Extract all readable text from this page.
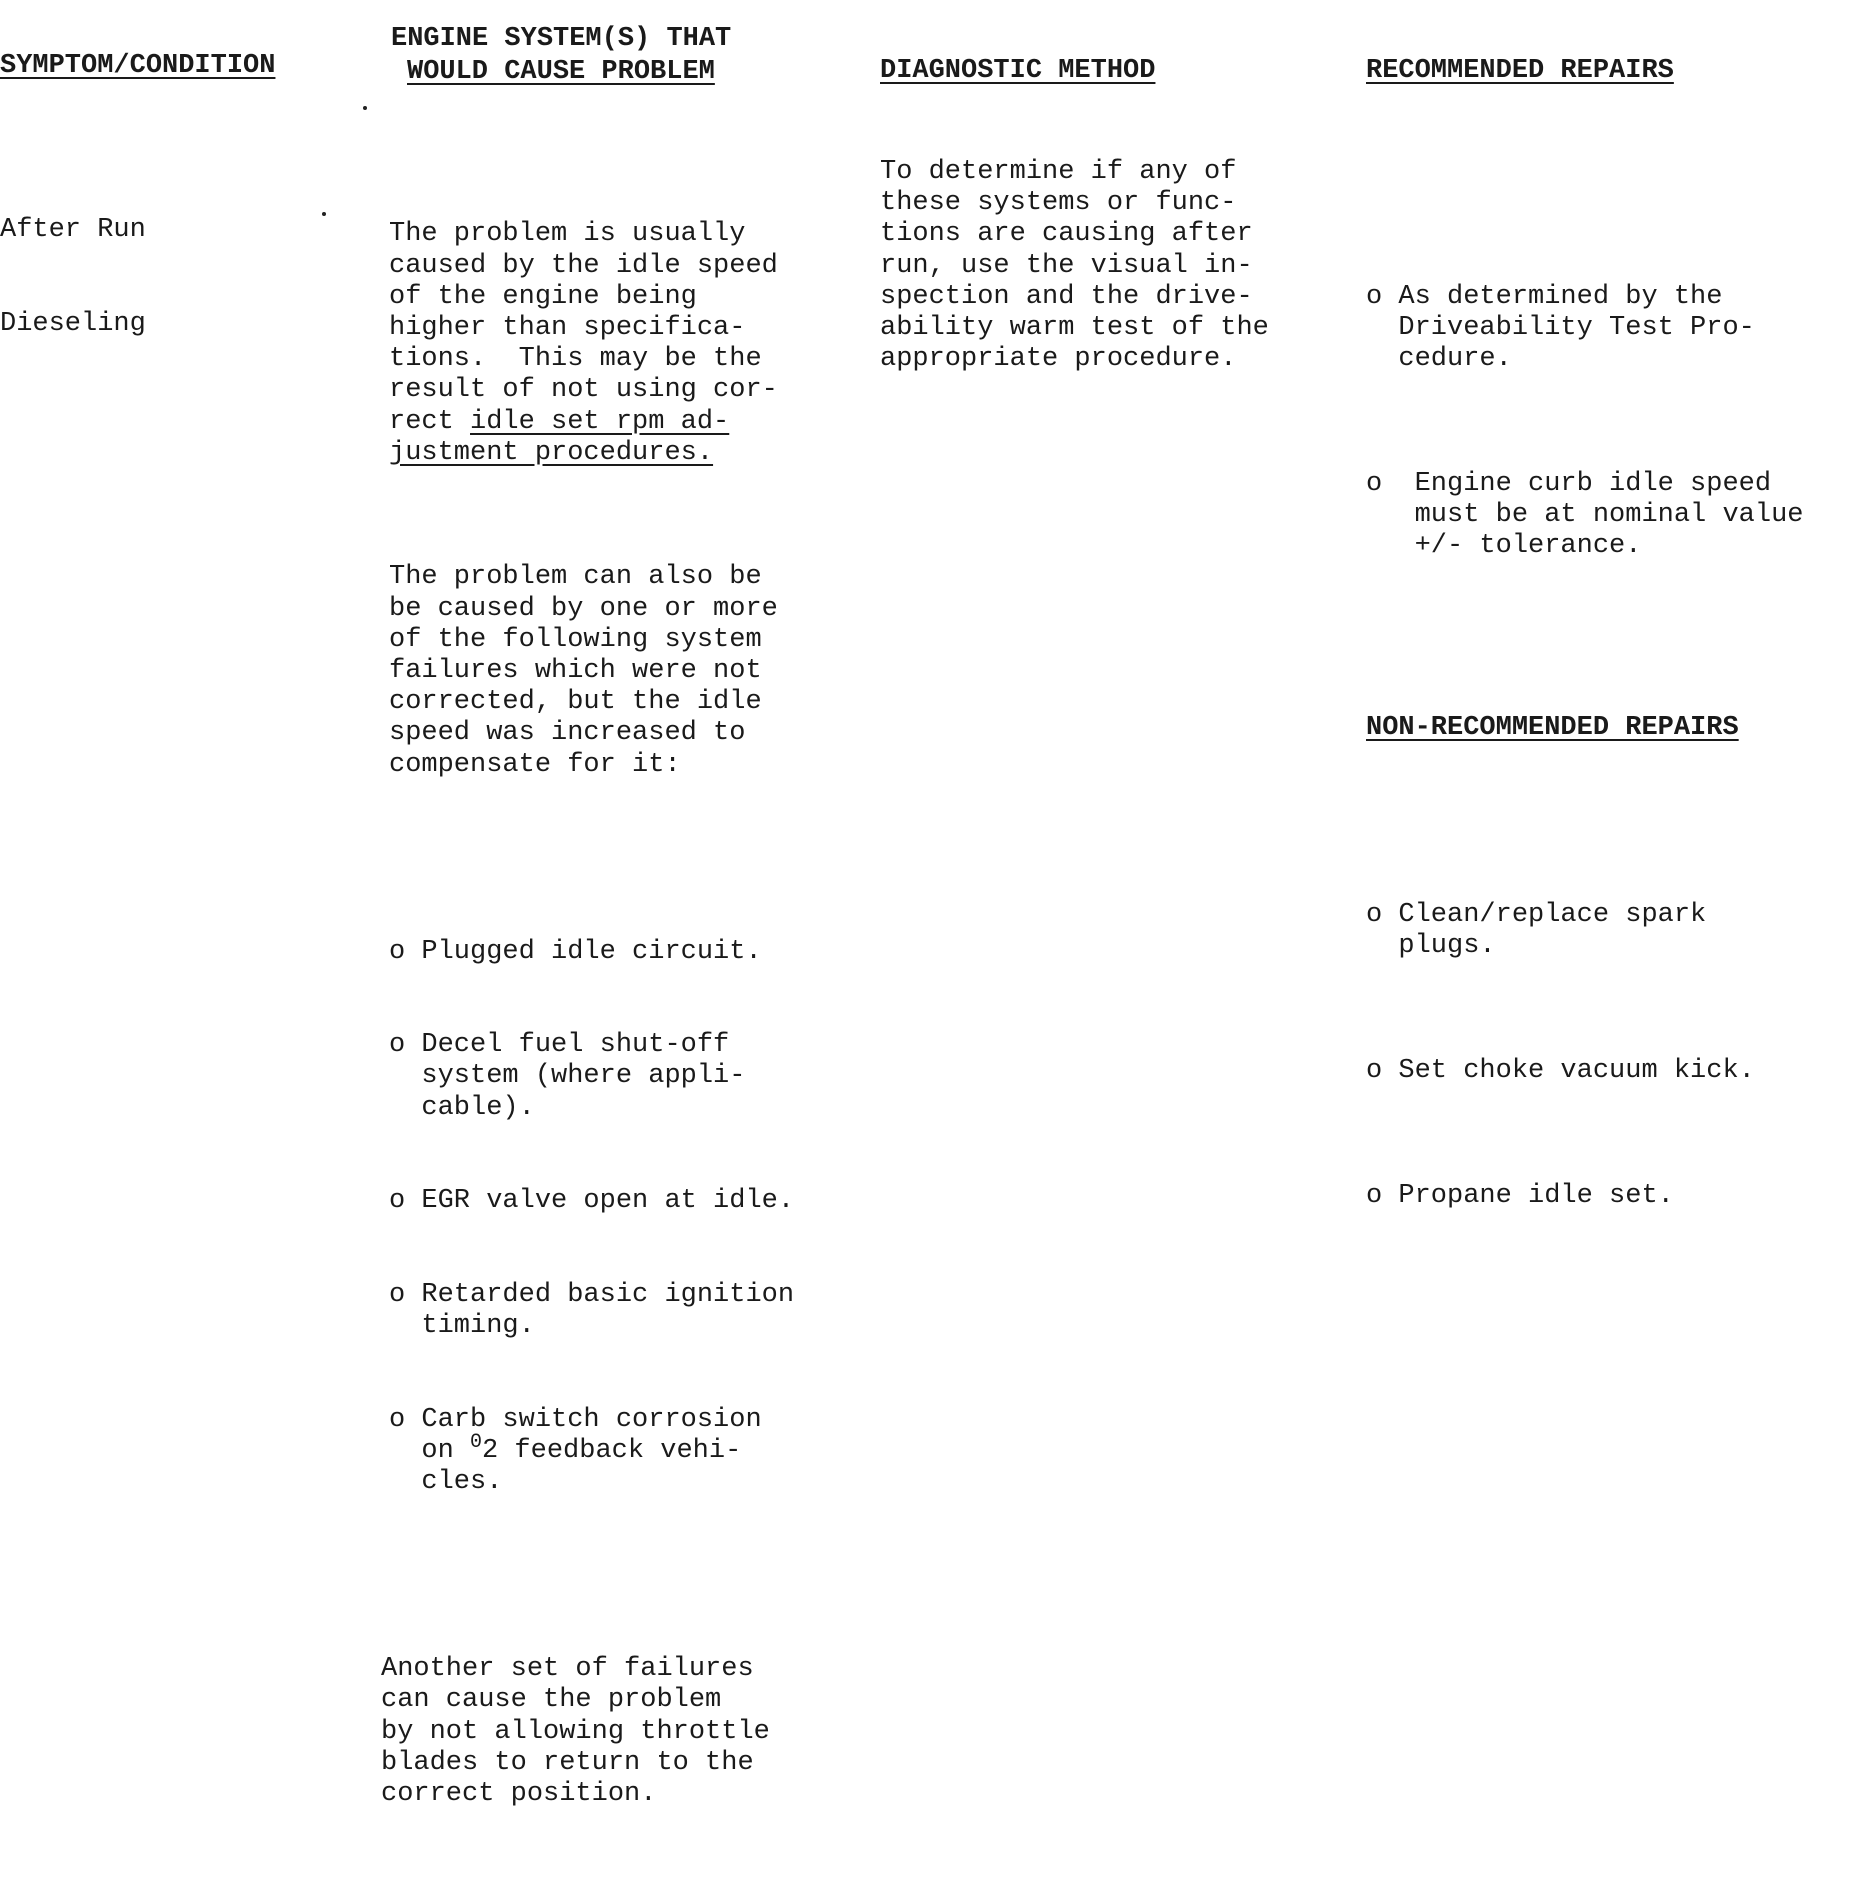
SYMPTOM/CONDITION
ENGINE SYSTEM(S) THAT
WOULD CAUSE PROBLEM	DIAGNOSTIC METHOD	RECOMMENDED REPAIRS

After Run

Dieseling

The problem is usually
caused by the idle speed
of the engine being
higher than specifica-
tions.  This may be the
result of not using cor-
rect idle set rpm ad-
justment procedures.

The problem can also be
be caused by one or more
of the following system
failures which were not
corrected, but the idle
speed was increased to
compensate for it:

o Plugged idle circuit.

o Decel fuel shut-off
system (where appli-
cable).

o EGR valve open at idle.

o Retarded basic ignition
timing.

o Carb switch corrosion
on $^0$2 feedback vehi-
cles.

Another set of failures
can cause the problem
by not allowing throttle
blades to return to the
correct position.

To determine if any of
these systems or func-
tions are causing after
run, use the visual in-
spection and the drive-
ability warm test of the
appropriate procedure.

o As determined by the
Driveability Test Pro-
cedure.

o  Engine curb idle speed
must be at nominal value
+/- tolerance.

NON-RECOMMENDED REPAIRS

o Clean/replace spark
plugs.

o Set choke vacuum kick.

o Propane idle set.
